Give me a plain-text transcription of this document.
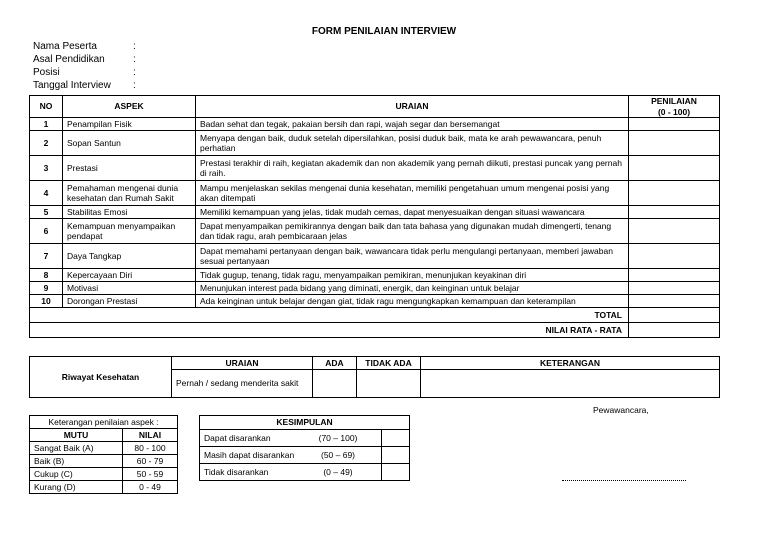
FORM PENILAIAN INTERVIEW
Nama Peserta	:
Asal Pendidikan	:
Posisi	:
Tanggal Interview	:
NO	ASPEK	URAIAN	PENILAIAN
(0 - 100)

1	Penampilan Fisik	Badan sehat dan tegak, pakaian bersih dan rapi, wajah segar dan bersemangat	
2	Sopan Santun	Menyapa dengan baik, duduk setelah dipersilahkan, posisi duduk baik, mata ke arah pewawancara, penuh perhatian	
3	Prestasi	Prestasi terakhir di raih, kegiatan akademik dan non akademik yang pernah diikuti, prestasi puncak yang pernah di raih.	
4	Pemahaman mengenai dunia kesehatan dan Rumah Sakit	Mampu menjelaskan sekilas mengenai dunia kesehatan, memiliki pengetahuan umum mengenai posisi yang akan ditempati	
5	Stabilitas Emosi	Memiliki kemampuan yang jelas, tidak mudah cemas, dapat menyesuaikan dengan situasi wawancara	
6	Kemampuan menyampaikan pendapat	Dapat menyampaikan pemikirannya dengan baik dan tata bahasa yang digunakan mudah dimengerti, tenang dan tidak ragu, arah pembicaraan jelas	
7	Daya Tangkap	Dapat memahami pertanyaan dengan baik, wawancara tidak perlu mengulangi pertanyaan, memberi jawaban sesuai pertanyaan	
8	Kepercayaan Diri	Tidak gugup, tenang, tidak ragu, menyampaikan pemikiran, menunjukan keyakinan diri	
9	Motivasi	Menunjukan interest pada bidang yang diminati, energik, dan keinginan untuk belajar	
10	Dorongan Prestasi	Ada keinginan untuk belajar dengan giat, tidak ragu mengungkapkan kemampuan dan keterampilan	
TOTAL			
NILAI RATA - RATA			
Riwayat Kesehatan	URAIAN	ADA	TIDAK ADA	KETERANGAN
	Pernah / sedang menderita sakit			
Keterangan penilaian aspek :	
MUTU	NILAI
Sangat Baik (A)	80 - 100
Baik (B)	60 - 79
Cukup (C)	50 - 59
Kurang (D)	0 - 49
KESIMPULAN	
Dapat disarankan (70 – 100)	
Masih dapat disarankan (50 – 69)	
Tidak disarankan (0 – 49)	
Pewawancara,
